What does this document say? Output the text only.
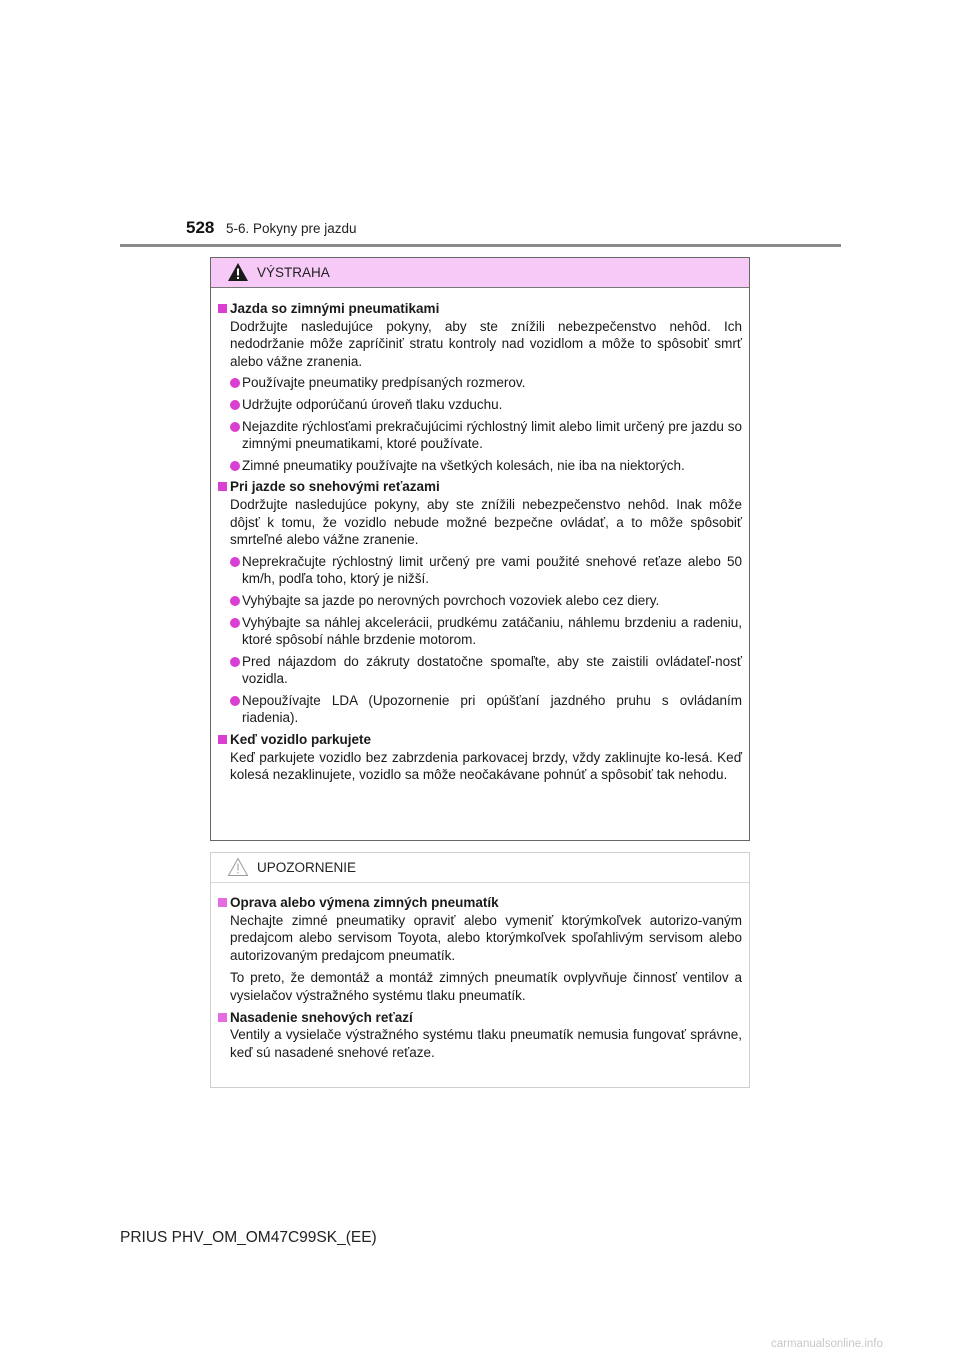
528 5-6. Pokyny pre jazdu
VÝSTRAHA
Jazda so zimnými pneumatikami
Dodržujte nasledujúce pokyny, aby ste znížili nebezpečenstvo nehôd. Ich nedodržanie môže zapríčiniť stratu kontroly nad vozidlom a môže to spôsobiť smrť alebo vážne zranenia.
Používajte pneumatiky predpísaných rozmerov.
Udržujte odporúčanú úroveň tlaku vzduchu.
Nejazdite rýchlosťami prekračujúcimi rýchlostný limit alebo limit určený pre jazdu so zimnými pneumatikami, ktoré používate.
Zimné pneumatiky používajte na všetkých kolesách, nie iba na niektorých.
Pri jazde so snehovými reťazami
Dodržujte nasledujúce pokyny, aby ste znížili nebezpečenstvo nehôd. Inak môže dôjsť k tomu, že vozidlo nebude možné bezpečne ovládať, a to môže spôsobiť smrteľné alebo vážne zranenie.
Neprekračujte rýchlostný limit určený pre vami použité snehové reťaze alebo 50 km/h, podľa toho, ktorý je nižší.
Vyhýbajte sa jazde po nerovných povrchoch vozoviek alebo cez diery.
Vyhýbajte sa náhlej akcelerácii, prudkému zatáčaniu, náhlemu brzdeniu a radeniu, ktoré spôsobí náhle brzdenie motorom.
Pred nájazdom do zákruty dostatočne spomaľte, aby ste zaistili ovládateľ-nosť vozidla.
Nepoužívajte LDA (Upozornenie pri opúšťaní jazdného pruhu s ovládaním riadenia).
Keď vozidlo parkujete
Keď parkujete vozidlo bez zabrzdenia parkovacej brzdy, vždy zaklinujte ko-lesá. Keď kolesá nezaklinujete, vozidlo sa môže neočakávane pohnúť a spôsobiť tak nehodu.
UPOZORNENIE
Oprava alebo výmena zimných pneumatík
Nechajte zimné pneumatiky opraviť alebo vymeniť ktorýmkoľvek autorizo-vaným predajcom alebo servisom Toyota, alebo ktorýmkoľvek spoľahlivým servisom alebo autorizovaným predajcom pneumatík.
To preto, že demontáž a montáž zimných pneumatík ovplyvňuje činnosť ventilov a vysielačov výstražného systému tlaku pneumatík.
Nasadenie snehových reťazí
Ventily a vysielače výstražného systému tlaku pneumatík nemusia fungovať správne, keď sú nasadené snehové reťaze.
PRIUS PHV_OM_OM47C99SK_(EE)
carmanualsonline.info
